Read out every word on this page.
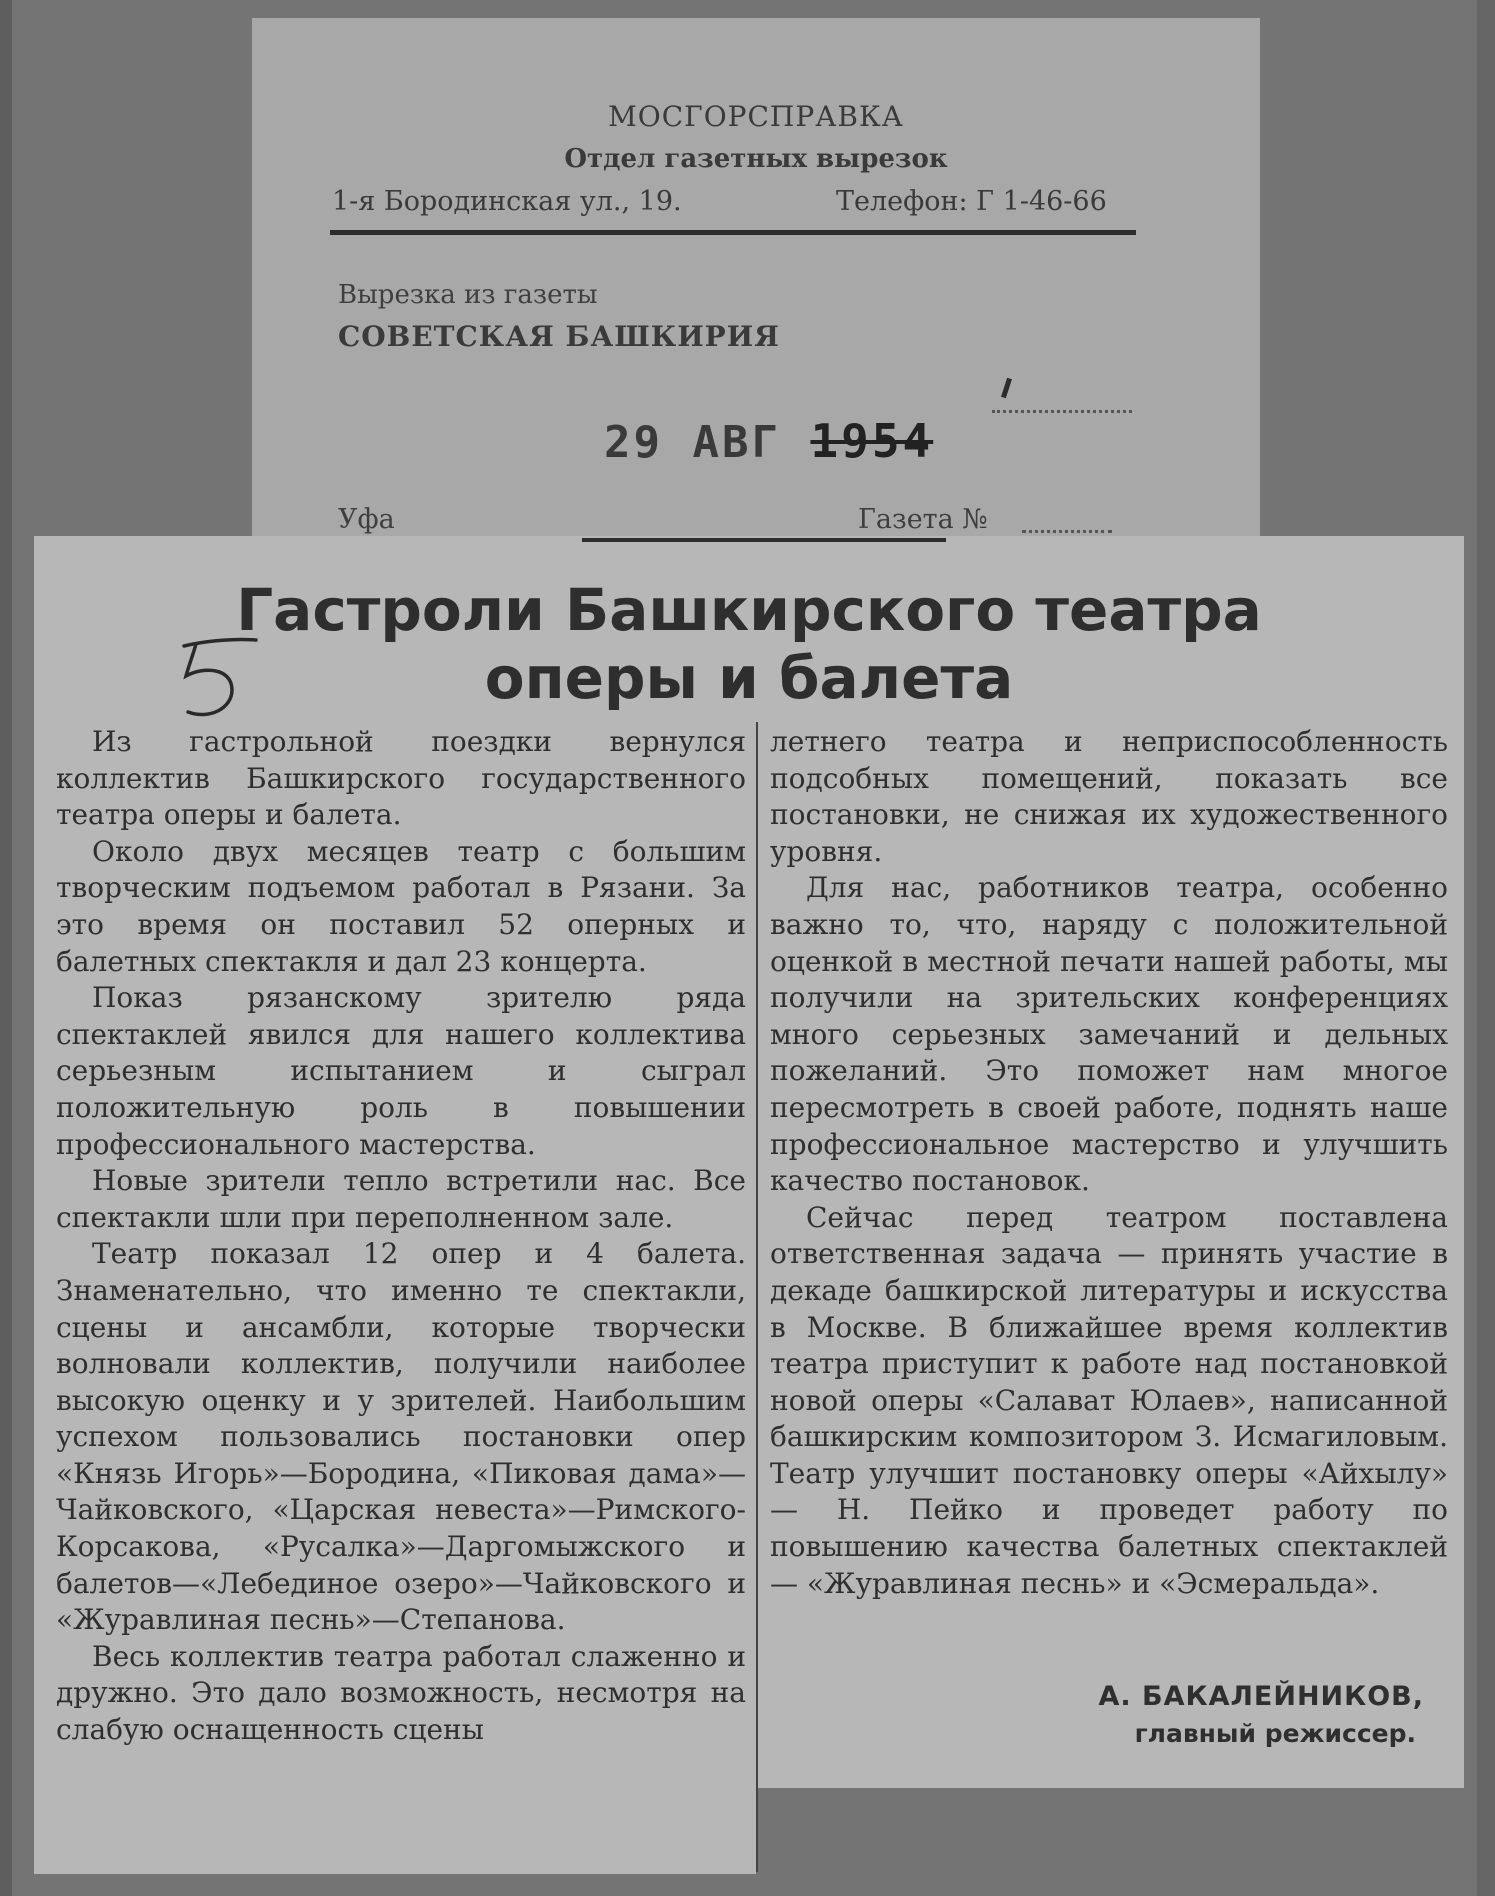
МОСГОРСПРАВКА
Отдел газетных вырезок
1-я Бородинская ул., 19.	Телефон: Г 1-46-66
Вырезка из газеты
СОВЕТСКАЯ БАШКИРИЯ
29 АВГ 1954
Уфа	Газета №
5	Гастроли Башкирского театра
оперы и балета

Из гастрольной поездки вернулся коллектив Башкирского государственного театра оперы и балета.

Около двух месяцев театр с большим творческим подъемом работал в Рязани. За это время он поставил 52 оперных и балетных спектакля и дал 23 концерта.

Показ рязанскому зрителю ряда спектаклей явился для нашего коллектива серьезным испытанием и сыграл положительную роль в повышении профессионального мастерства.

Новые зрители тепло встретили нас. Все спектакли шли при переполненном зале.

Театр показал 12 опер и 4 балета. Знаменательно, что именно те спектакли, сцены и ансамбли, которые творчески волновали коллектив, получили наиболее высокую оценку и у зрителей. Наибольшим успехом пользовались постановки опер «Князь Игорь»—Бородина, «Пиковая дама»—Чайковского, «Царская невеста»—Римского-Корсакова, «Русалка»—Даргомыжского и балетов—«Лебединое озеро»—Чайковского и «Журавлиная песнь»—Степанова.

Весь коллектив театра работал слаженно и дружно. Это дало возможность, несмотря на слабую оснащенность сцены

летнего театра и неприспособленность подсобных помещений, показать все постановки, не снижая их художественного уровня.

Для нас, работников театра, особенно важно то, что, наряду с положительной оценкой в местной печати нашей работы, мы получили на зрительских конференциях много серьезных замечаний и дельных пожеланий. Это поможет нам многое пересмотреть в своей работе, поднять наше профессиональное мастерство и улучшить качество постановок.

Сейчас перед театром поставлена ответственная задача — принять участие в декаде башкирской литературы и искусства в Москве. В ближайшее время коллектив театра приступит к работе над постановкой новой оперы «Салават Юлаев», написанной башкирским композитором З. Исмагиловым. Театр улучшит постановку оперы «Айхылу» — Н. Пейко и проведет работу по повышению качества балетных спектаклей — «Журавлиная песнь» и «Эсмеральда».

А. БАКАЛЕЙНИКОВ,
главный режиссер.
